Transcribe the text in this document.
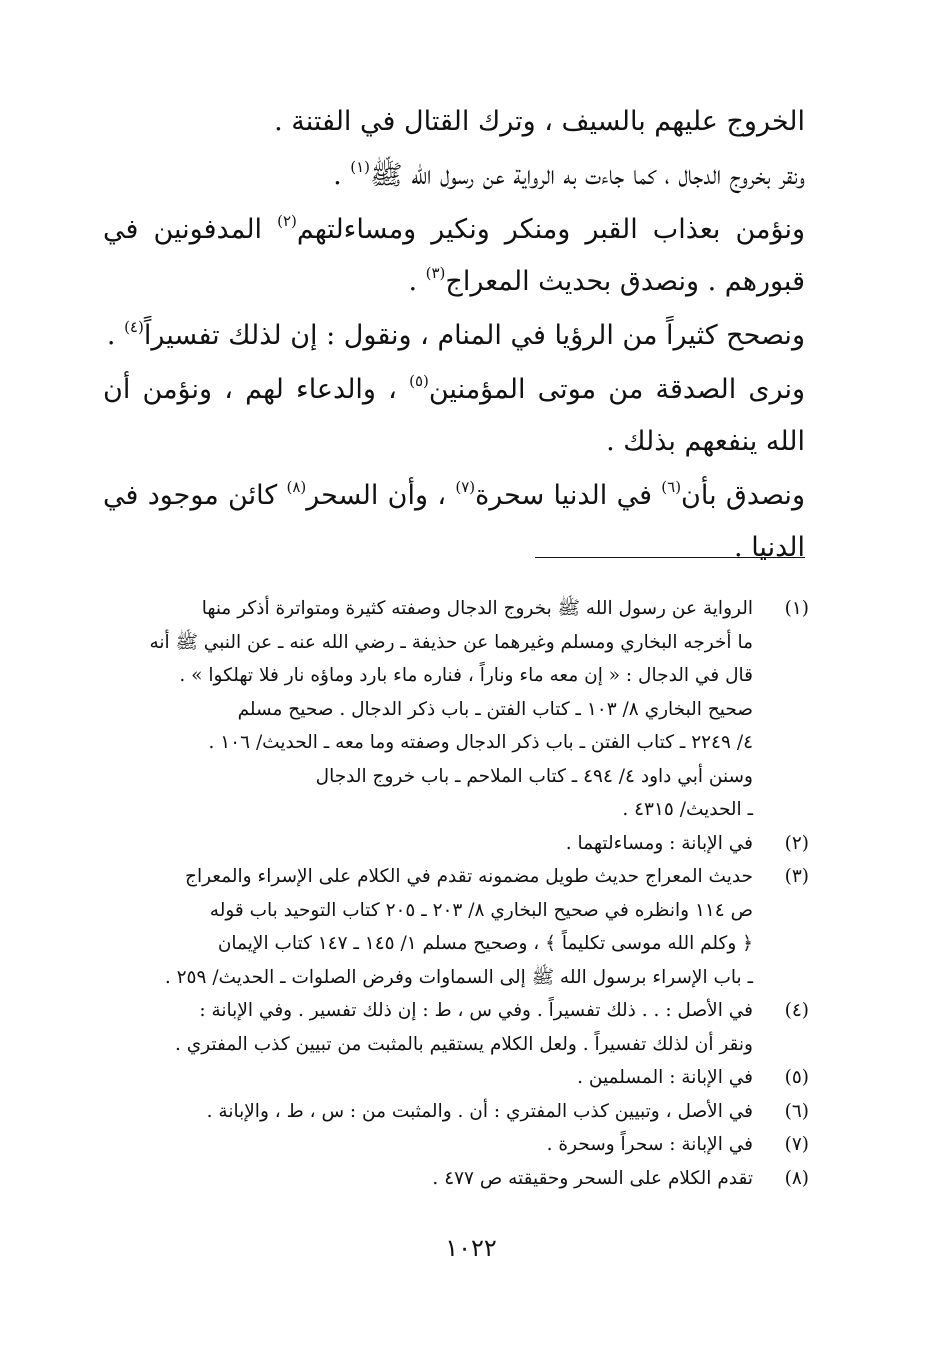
الخروج عليهم بالسيف ، وترك القتال في الفتنة .

ونقر بخروج الدجال ، كما جاءت به الرواية عن رسول الله ﷺ$^{(١)}$ .

ونؤمن بعذاب القبر ومنكر ونكير ومساءلتهم$^{(٢)}$ المدفونين في قبورهم . ونصدق بحديث المعراج$^{(٣)}$ .

ونصحح كثيراً من الرؤيا في المنام ، ونقول : إن لذلك تفسيراً$^{(٤)}$ .

ونرى الصدقة من موتى المؤمنين$^{(٥)}$ ، والدعاء لهم ، ونؤمن أن الله ينفعهم بذلك .

ونصدق بأن$^{(٦)}$ في الدنيا سحرة$^{(٧)}$ ، وأن السحر$^{(٨)}$ كائن موجود في الدنيا .

(١)
الرواية عن رسول الله ﷺ بخروج الدجال وصفته كثيرة ومتواترة أذكر منها
ما أخرجه البخاري ومسلم وغيرهما عن حذيفة ـ رضي الله عنه ـ عن النبي ﷺ أنه
قال في الدجال : « إن معه ماء وناراً ، فناره ماء بارد وماؤه نار فلا تهلكوا » .
صحيح البخاري ٨/ ١٠٣ ـ كتاب الفتن ـ باب ذكر الدجال . صحيح مسلم
٤/ ٢٢٤٩ ـ كتاب الفتن ـ باب ذكر الدجال وصفته وما معه ـ الحديث/ ١٠٦ .
وسنن أبي داود ٤/ ٤٩٤ ـ كتاب الملاحم ـ باب خروج الدجال
ـ الحديث/ ٤٣١٥ .
(٢)
في الإبانة : ومساءلتهما .
(٣)
حديث المعراج حديث طويل مضمونه تقدم في الكلام على الإسراء والمعراج
ص ١١٤ وانظره في صحيح البخاري ٨/ ٢٠٣ ـ ٢٠٥ كتاب التوحيد باب قوله
﴿ وكلم الله موسى تكليماً ﴾ ، وصحيح مسلم ١/ ١٤٥ ـ ١٤٧ كتاب الإيمان
ـ باب الإسراء برسول الله ﷺ إلى السماوات وفرض الصلوات ـ الحديث/ ٢٥٩ .
(٤)
في الأصل : . . ذلك تفسيراً . وفي س ، ط : إن ذلك تفسير . وفي الإبانة :
ونقر أن لذلك تفسيراً . ولعل الكلام يستقيم بالمثبت من تبيين كذب المفتري .
(٥)
في الإبانة : المسلمين .
(٦)
في الأصل ، وتبيين كذب المفتري : أن . والمثبت من : س ، ط ، والإبانة .
(٧)
في الإبانة : سحراً وسحرة .
(٨)
تقدم الكلام على السحر وحقيقته ص ٤٧٧ .
١٠٢٢
